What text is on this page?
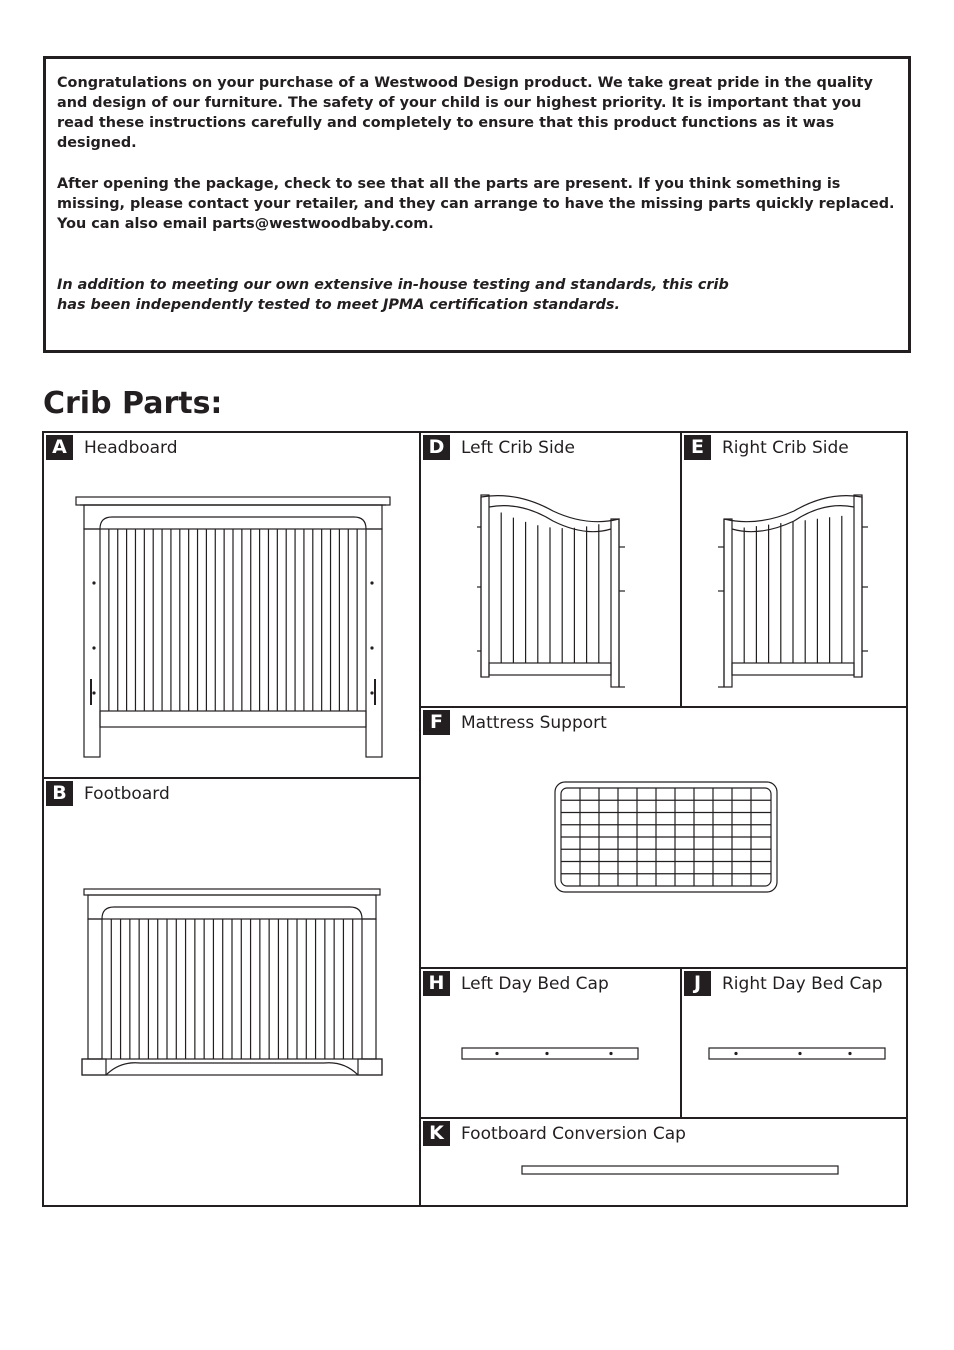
Congratulations on your purchase of a Westwood Design product. We take great pride in the quality and design of our furniture. The safety of your child is our highest priority. It is important that you read these instructions carefully and completely to ensure that this product functions as it was designed.

After opening the package, check to see that all the parts are present. If you think something is missing, please contact your retailer, and they can arrange to have the missing parts quickly replaced. You can also email parts@westwoodbaby.com.

In addition to meeting our own extensive in-house testing and standards, this crib

has been independently tested to meet JPMA certification standards.

Crib Parts:
A	Headboard
B	Footboard
D Left Crib Side	E	Right Crib Side
F	Mattress Support
H Left Day Bed Cap	J	Right Day Bed Cap
K	Footboard Conversion Cap
